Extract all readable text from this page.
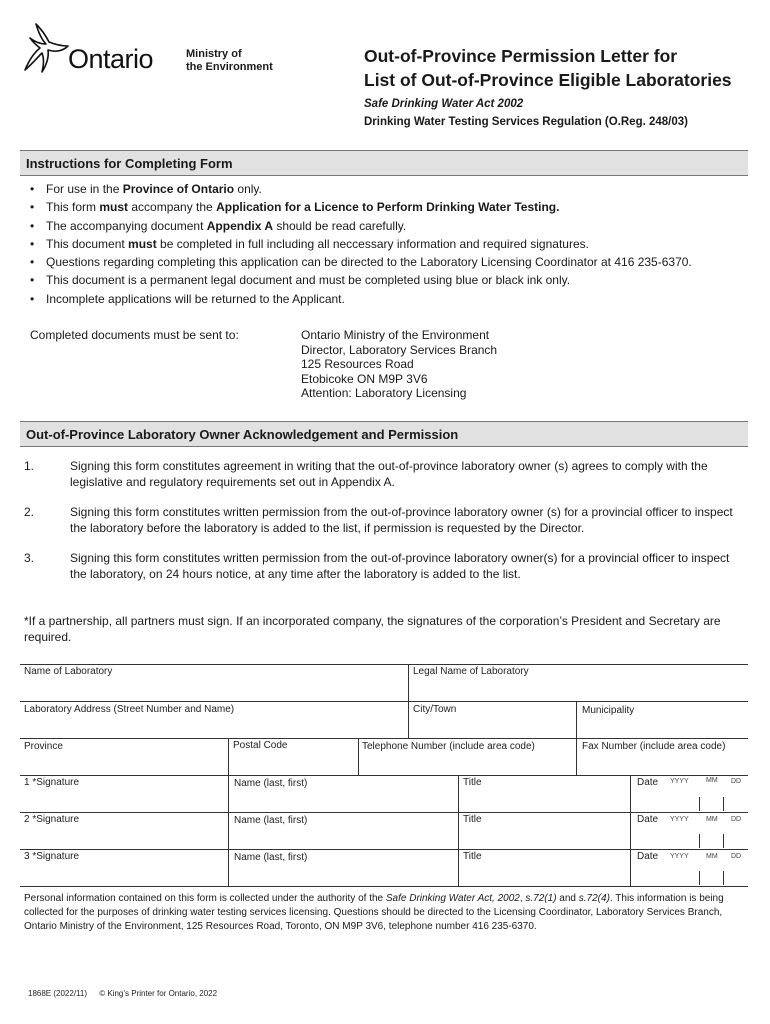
Ontario	Ministry of
the Environment
Out-of-Province Permission Letter for
List of Out-of-Province Eligible Laboratories
Safe Drinking Water Act 2002
Drinking Water Testing Services Regulation (O.Reg. 248/03)
Instructions for Completing Form
• For use in the Province of Ontario only.
• This form must accompany the Application for a Licence to Perform Drinking Water Testing.
• The accompanying document Appendix A should be read carefully.
• This document must be completed in full including all neccessary information and required signatures.
• Questions regarding completing this application can be directed to the Laboratory Licensing Coordinator at 416 235-6370.
• This document is a permanent legal document and must be completed using blue or black ink only.
• Incomplete applications will be returned to the Applicant.
Completed documents must be sent to:	Ontario Ministry of the Environment
Director, Laboratory Services Branch
125 Resources Road
Etobicoke ON M9P 3V6
Attention: Laboratory Licensing
Out-of-Province Laboratory Owner Acknowledgement and Permission
1.	Signing this form constitutes agreement in writing that the out-of-province laboratory owner (s) agrees to comply with the legislative and regulatory requirements set out in Appendix A.
2.	Signing this form constitutes written permission from the out-of-province laboratory owner (s) for a provincial officer to inspect the laboratory before the laboratory is added to the list, if permission is requested by the Director.
3.	Signing this form constitutes written permission from the out-of-province laboratory owner(s) for a provincial officer to inspect the laboratory, on 24 hours notice, at any time after the laboratory is added to the list.
*If a partnership, all partners must sign. If an incorporated company, the signatures of the corporation’s President and Secretary are required.
Name of Laboratory	Legal Name of Laboratory
Laboratory Address (Street Number and Name)	City/Town	Municipality
Province	Postal Code	Telephone Number (include area code)	Fax Number (include area code)
1 *Signature	Name (last, first)	Title	Date YYYY MM DD
2 *Signature	Name (last, first)	Title	Date YYYY MM DD
3 *Signature	Name (last, first)	Title	Date YYYY MM DD
Personal information contained on this form is collected under the authority of the Safe Drinking Water Act, 2002, s.72(1) and s.72(4). This information is being collected for the purposes of drinking water testing services licensing. Questions should be directed to the Licensing Coordinator, Laboratory Services Branch, Ontario Ministry of the Environment, 125 Resources Road, Toronto, ON M9P 3V6, telephone number 416 235-6370.
1868E (2022/11) © King’s Printer for Ontario, 2022
